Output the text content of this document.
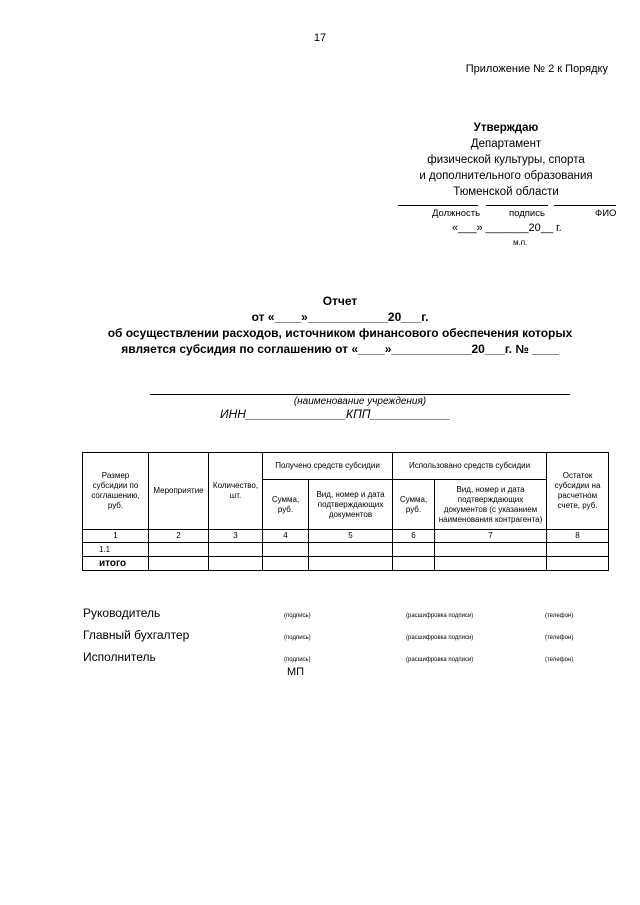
17
Приложение № 2 к Порядку
Утверждаю
Департамент
физической культуры, спорта
и дополнительного образования
Тюменской области
Должность	подпись	ФИО
«___» _______20__ г.
м.п.
Отчет
от «____»____________20___г.
об осуществлении расходов, источником финансового обеспечения которых
является субсидия по соглашению от «____»____________20___г. № ____
(наименование учреждения)
ИНН_______________КПП____________
Размер субсидии по соглашению, руб.	Мероприятие	Количество, шт.	Получено средств субсидии		Использовано средств субсидии		Остаток субсидии на расчетном счете, руб.
			Сумма, руб.	Вид, номер и дата подтверждающих документов	Сумма, руб.	Вид, номер и дата подтверждающих документов (с указанием наименования контрагента)	
1	2	3	4	5	6	7	8
1.1							
итого							
Руководитель	(подпись)	(расшифровка подписи)	(телефон)
Главный бухгалтер	(подпись)	(расшифровка подписи)	(телефон)
Исполнитель	(подпись)	(расшифровка подписи)	(телефон)
МП
